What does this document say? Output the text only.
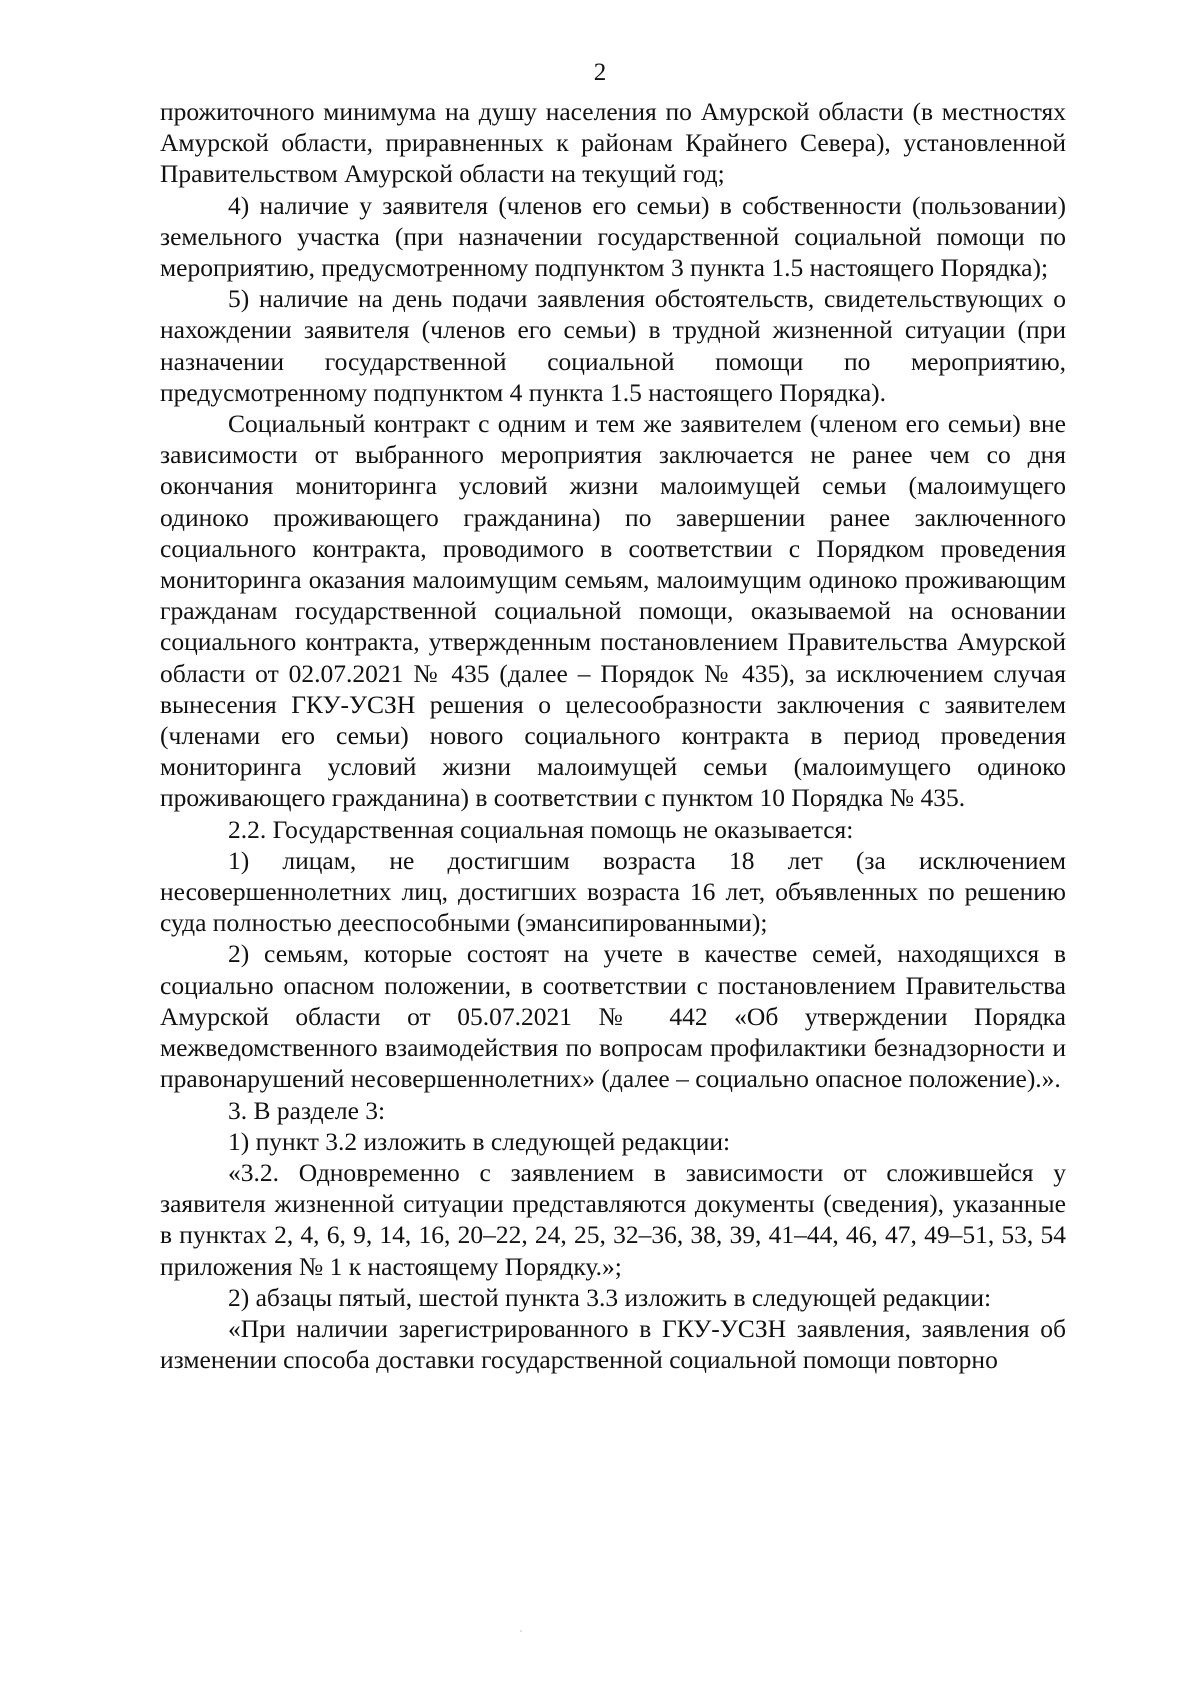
2

прожиточного минимума на душу населения по Амурской области (в местностях Амурской области, приравненных к районам Крайнего Севера), установленной Правительством Амурской области на текущий год;

4) наличие у заявителя (членов его семьи) в собственности (пользовании) земельного участка (при назначении государственной социальной помощи по мероприятию, предусмотренному подпунктом 3 пункта 1.5 настоящего Порядка);

5) наличие на день подачи заявления обстоятельств, свидетельствующих о нахождении заявителя (членов его семьи) в трудной жизненной ситуации (при назначении государственной социальной помощи по мероприятию, предусмотренному подпунктом 4 пункта 1.5 настоящего Порядка).

Социальный контракт с одним и тем же заявителем (членом его семьи) вне зависимости от выбранного мероприятия заключается не ранее чем со дня окончания мониторинга условий жизни малоимущей семьи (малоимущего одиноко проживающего гражданина) по завершении ранее заключенного социального контракта, проводимого в соответствии с Порядком проведения мониторинга оказания малоимущим семьям, малоимущим одиноко проживающим гражданам государственной социальной помощи, оказываемой на основании социального контракта, утвержденным постановлением Правительства Амурской области от 02.07.2021 № 435 (далее – Порядок № 435), за исключением случая вынесения ГКУ-УСЗН решения о целесообразности заключения с заявителем (членами его семьи) нового социального контракта в период проведения мониторинга условий жизни малоимущей семьи (малоимущего одиноко проживающего гражданина) в соответствии с пунктом 10 Порядка № 435.

2.2. Государственная социальная помощь не оказывается:

1) лицам, не достигшим возраста 18 лет (за исключением несовершеннолетних лиц, достигших возраста 16 лет, объявленных по решению суда полностью дееспособными (эмансипированными);

2) семьям, которые состоят на учете в качестве семей, находящихся в социально опасном положении, в соответствии с постановлением Правительства Амурской области от 05.07.2021 № 442 «Об утверждении Порядка межведомственного взаимодействия по вопросам профилактики безнадзорности и правонарушений несовершеннолетних» (далее – социально опасное положение).».

3. В разделе 3:

1) пункт 3.2 изложить в следующей редакции:

«3.2. Одновременно с заявлением в зависимости от сложившейся у заявителя жизненной ситуации представляются документы (сведения), указанные в пунктах 2, 4, 6, 9, 14, 16, 20–22, 24, 25, 32–36, 38, 39, 41–44, 46, 47, 49–51, 53, 54 приложения № 1 к настоящему Порядку.»;

2) абзацы пятый, шестой пункта 3.3 изложить в следующей редакции:

«При наличии зарегистрированного в ГКУ-УСЗН заявления, заявления об изменении способа доставки государственной социальной помощи повторно
